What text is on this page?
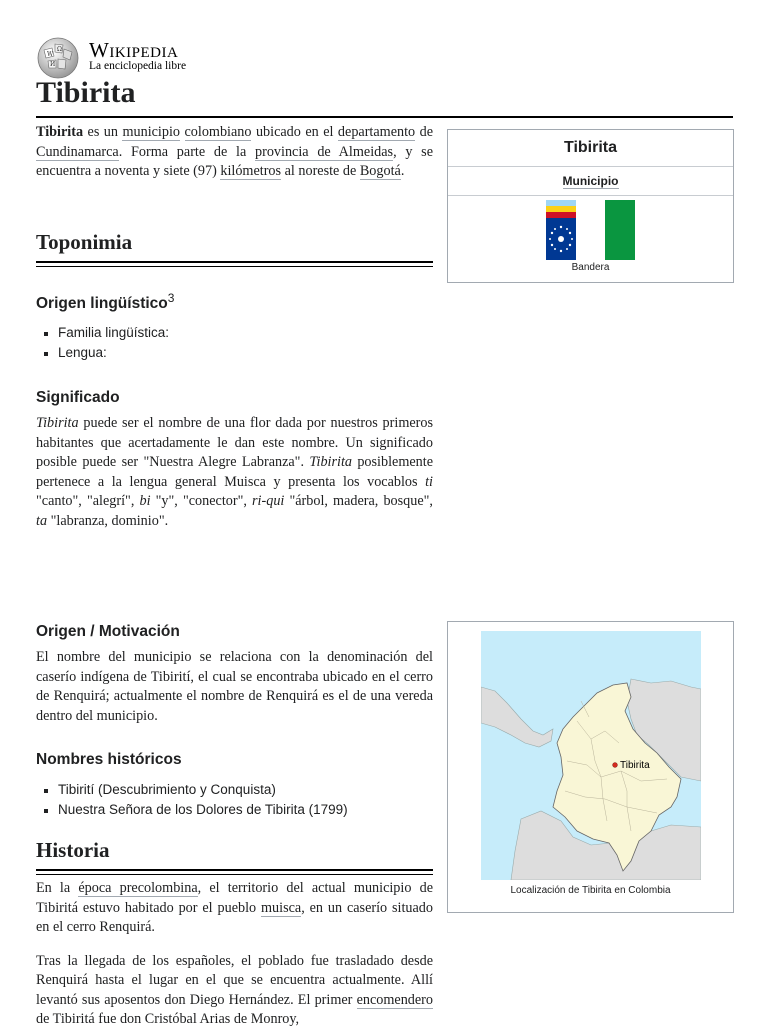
W
Ω
И
Wikipedia
La enciclopedia libre
Tibirita

Tibirita es un municipio colombiano ubicado en el departamento de Cundinamarca. Forma parte de la provincia de Almeidas, y se encuentra a noventa y siete (97) kilómetros al noreste de Bogotá.

Toponimia
Origen lingüístico$^3$
Familia lingüística:
Lengua:
Significado

Tibirita puede ser el nombre de una flor dada por nuestros primeros habitantes que acertadamente le dan este nombre. Un significado posible puede ser "Nuestra Alegre Labranza". Tibirita posiblemente pertenece a la lengua general Muisca y presenta los vocablos ti "canto", "alegrí", bi "y", "conector", ri-qui "árbol, madera, bosque", ta "labranza, dominio".

Origen / Motivación

El nombre del municipio se relaciona con la denominación del caserío indígena de Tibirití, el cual se encontraba ubicado en el cerro de Renquirá; actualmente el nombre de Renquirá es el de una vereda dentro del municipio.

Nombres históricos
Tibirití (Descubrimiento y Conquista)
Nuestra Señora de los Dolores de Tibirita (1799)
Historia

En la época precolombina, el territorio del actual municipio de Tibiritá estuvo habitado por el pueblo muisca, en un caserío situado en el cerro Renquirá.

Tras la llegada de los españoles, el poblado fue trasladado desde Renquirá hasta el lugar en el que se encuentra actualmente. Allí levantó sus aposentos don Diego Hernández. El primer encomendero de Tibiritá fue don Cristóbal Arias de Monroy,

Tibirita
Municipio
Bandera
Tibirita
Localización de Tibirita en Colombia
